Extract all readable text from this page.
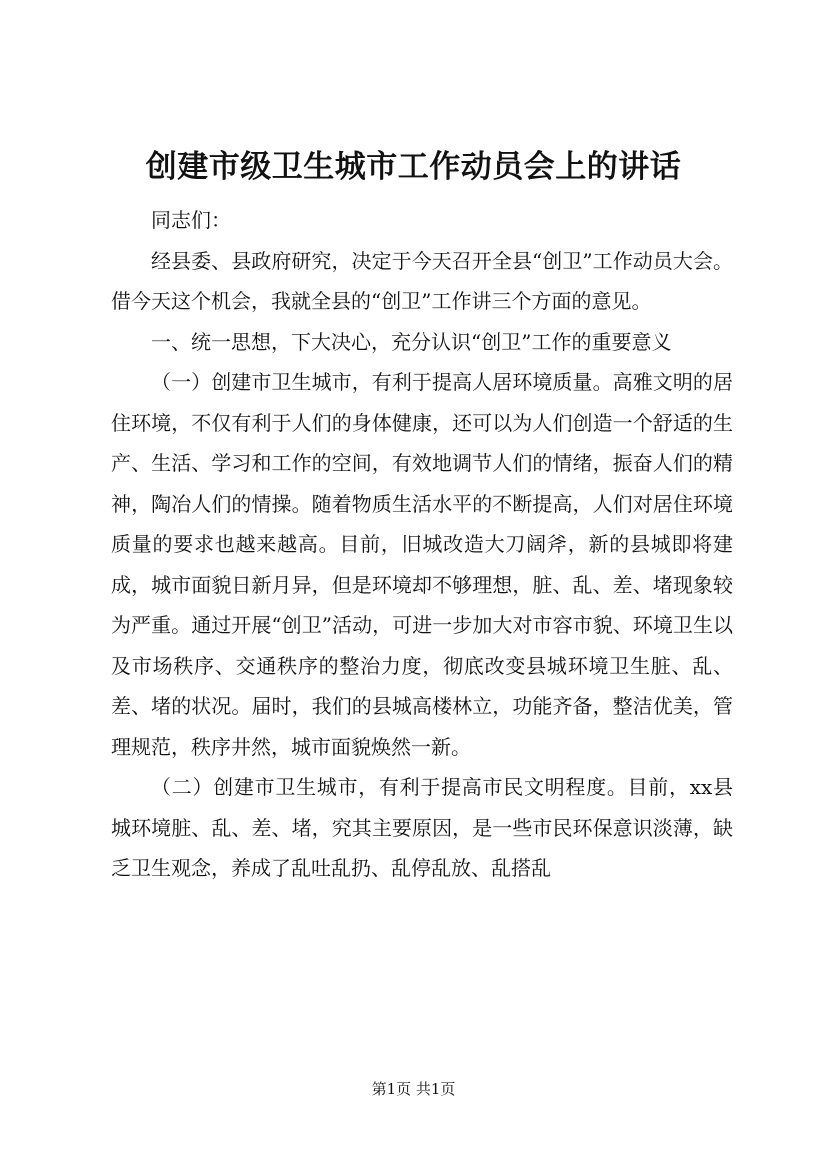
创建市级卫生城市工作动员会上的讲话

同志们：

经县委、县政府研究，决定于今天召开全县“创卫”工作动员大会。借今天这个机会，我就全县的“创卫”工作讲三个方面的意见。

一、统一思想，下大决心，充分认识“创卫”工作的重要意义

（一）创建市卫生城市，有利于提高人居环境质量。高雅文明的居住环境，不仅有利于人们的身体健康，还可以为人们创造一个舒适的生产、生活、学习和工作的空间，有效地调节人们的情绪，振奋人们的精神，陶冶人们的情操。随着物质生活水平的不断提高，人们对居住环境质量的要求也越来越高。目前，旧城改造大刀阔斧，新的县城即将建成，城市面貌日新月异，但是环境却不够理想，脏、乱、差、堵现象较为严重。通过开展“创卫”活动，可进一步加大对市容市貌、环境卫生以及市场秩序、交通秩序的整治力度，彻底改变县城环境卫生脏、乱、差、堵的状况。届时，我们的县城高楼林立，功能齐备，整洁优美，管理规范，秩序井然，城市面貌焕然一新。

（二）创建市卫生城市，有利于提高市民文明程度。目前，xx县城环境脏、乱、差、堵，究其主要原因，是一些市民环保意识淡薄，缺乏卫生观念，养成了乱吐乱扔、乱停乱放、乱搭乱

第1页 共1页
